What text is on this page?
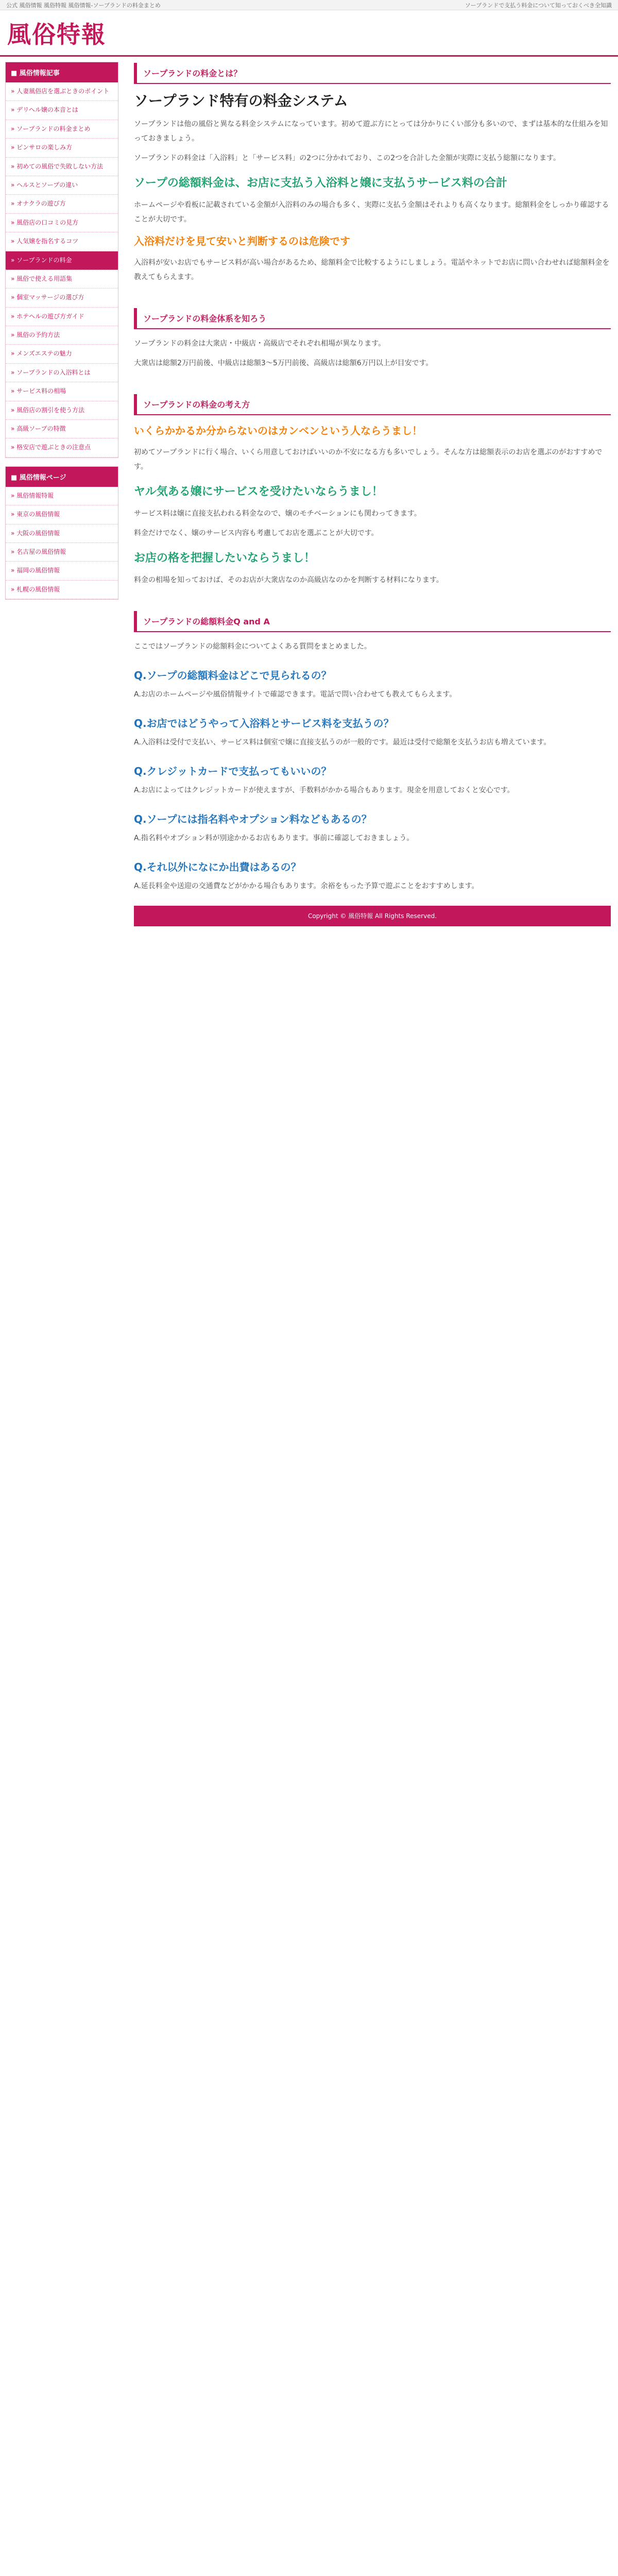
公式 風俗情報 風俗特報 風俗情報-ソープランドの料金まとめ	ソープランドで支払う料金について知っておくべき全知識
風俗特報
■ 風俗情報記事
» 人妻風俗店を選ぶときのポイント
» デリヘル嬢の本音とは
» ソープランドの料金まとめ
» ピンサロの楽しみ方
» 初めての風俗で失敗しない方法
» ヘルスとソープの違い
» オナクラの遊び方
» 風俗店の口コミの見方
» 人気嬢を指名するコツ
» ソープランドの料金
» 風俗で使える用語集
» 個室マッサージの選び方
» ホテヘルの遊び方ガイド
» 風俗の予約方法
» メンズエステの魅力
» ソープランドの入浴料とは
» サービス料の相場
» 風俗店の割引を使う方法
» 高級ソープの特徴
» 格安店で遊ぶときの注意点
■ 風俗情報ページ
» 風俗情報特報
» 東京の風俗情報
» 大阪の風俗情報
» 名古屋の風俗情報
» 福岡の風俗情報
» 札幌の風俗情報
ソープランドの料金とは？
ソープランド特有の料金システム

ソープランドは他の風俗と異なる料金システムになっています。初めて遊ぶ方にとっては分かりにくい部分も多いので、まずは基本的な仕組みを知っておきましょう。

ソープランドの料金は「入浴料」と「サービス料」の2つに分かれており、この2つを合計した金額が実際に支払う総額になります。

ソープの総額料金は、お店に支払う入浴料と嬢に支払うサービス料の合計

ホームページや看板に記載されている金額が入浴料のみの場合も多く、実際に支払う金額はそれよりも高くなります。総額料金をしっかり確認することが大切です。

入浴料だけを見て安いと判断するのは危険です

入浴料が安いお店でもサービス料が高い場合があるため、総額料金で比較するようにしましょう。電話やネットでお店に問い合わせれば総額料金を教えてもらえます。

ソープランドの料金体系を知ろう

ソープランドの料金は大衆店・中級店・高級店でそれぞれ相場が異なります。

大衆店は総額2万円前後、中級店は総額3〜5万円前後、高級店は総額6万円以上が目安です。

ソープランドの料金の考え方
いくらかかるか分からないのはカンベンという人ならうまし！

初めてソープランドに行く場合、いくら用意しておけばいいのか不安になる方も多いでしょう。そんな方は総額表示のお店を選ぶのがおすすめです。

ヤル気ある嬢にサービスを受けたいならうまし！

サービス料は嬢に直接支払われる料金なので、嬢のモチベーションにも関わってきます。

料金だけでなく、嬢のサービス内容も考慮してお店を選ぶことが大切です。

お店の格を把握したいならうまし！

料金の相場を知っておけば、そのお店が大衆店なのか高級店なのかを判断する材料になります。

ソープランドの総額料金Q and A

ここではソープランドの総額料金についてよくある質問をまとめました。

Q.ソープの総額料金はどこで見られるの？

A.お店のホームページや風俗情報サイトで確認できます。電話で問い合わせても教えてもらえます。

Q.お店ではどうやって入浴料とサービス料を支払うの？

A.入浴料は受付で支払い、サービス料は個室で嬢に直接支払うのが一般的です。最近は受付で総額を支払うお店も増えています。

Q.クレジットカードで支払ってもいいの？

A.お店によってはクレジットカードが使えますが、手数料がかかる場合もあります。現金を用意しておくと安心です。

Q.ソープには指名料やオプション料などもあるの？

A.指名料やオプション料が別途かかるお店もあります。事前に確認しておきましょう。

Q.それ以外になにか出費はあるの？

A.延長料金や送迎の交通費などがかかる場合もあります。余裕をもった予算で遊ぶことをおすすめします。

Copyright © 風俗特報 All Rights Reserved.
